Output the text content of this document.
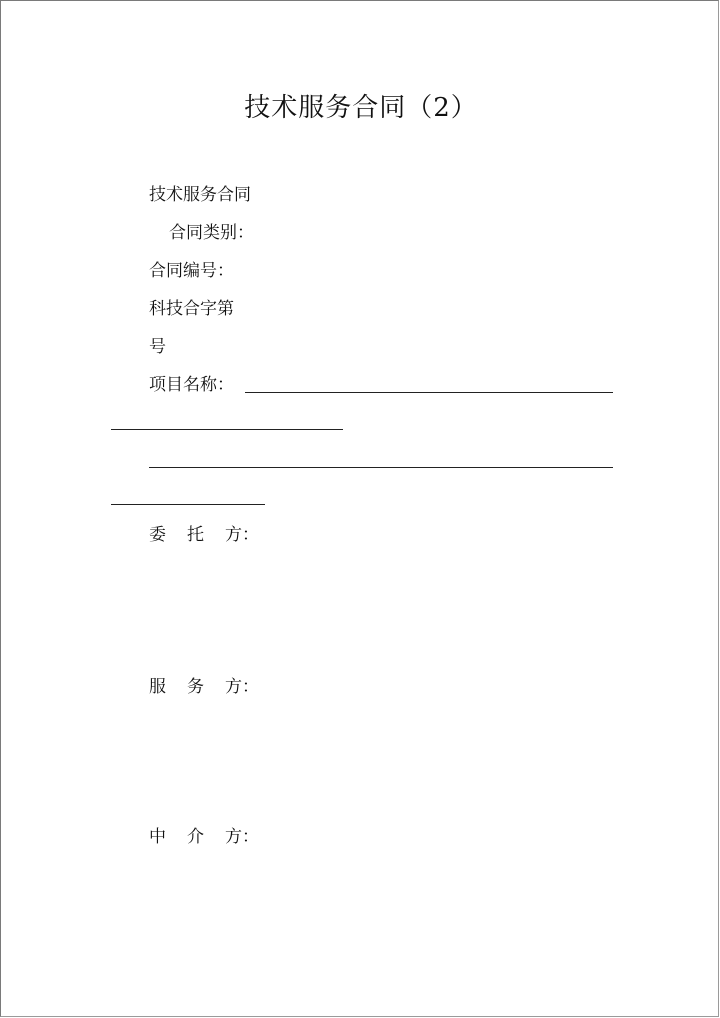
技术服务合同（2）
技术服务合同
合同类别：
合同编号：
科技合字第
号
项目名称：
委 托 方：
服 务 方：
中 介 方：
